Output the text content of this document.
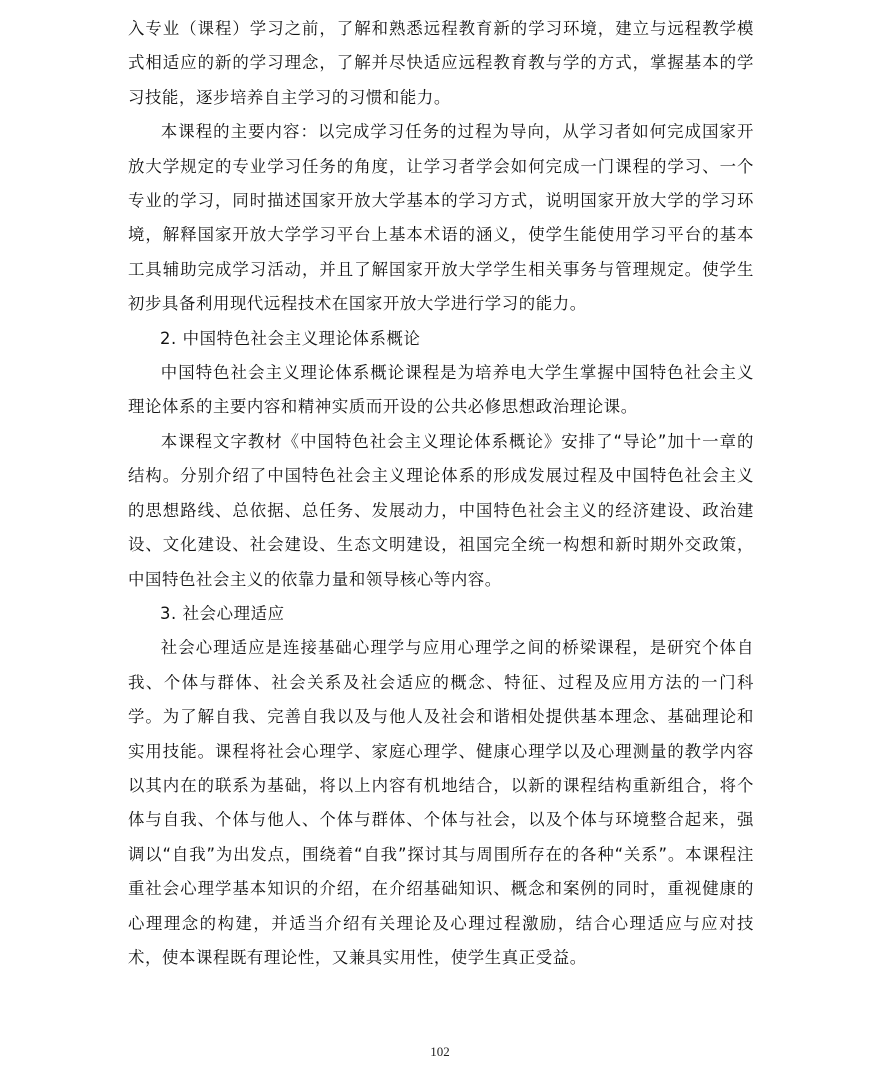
入专业（课程）学习之前，了解和熟悉远程教育新的学习环境，建立与远程教学模式相适应的新的学习理念，了解并尽快适应远程教育教与学的方式，掌握基本的学习技能，逐步培养自主学习的习惯和能力。

本课程的主要内容：以完成学习任务的过程为导向，从学习者如何完成国家开放大学规定的专业学习任务的角度，让学习者学会如何完成一门课程的学习、一个专业的学习，同时描述国家开放大学基本的学习方式，说明国家开放大学的学习环境，解释国家开放大学学习平台上基本术语的涵义，使学生能使用学习平台的基本工具辅助完成学习活动，并且了解国家开放大学学生相关事务与管理规定。使学生初步具备利用现代远程技术在国家开放大学进行学习的能力。

2. 中国特色社会主义理论体系概论

中国特色社会主义理论体系概论课程是为培养电大学生掌握中国特色社会主义理论体系的主要内容和精神实质而开设的公共必修思想政治理论课。

本课程文字教材《中国特色社会主义理论体系概论》安排了“导论”加十一章的结构。分别介绍了中国特色社会主义理论体系的形成发展过程及中国特色社会主义的思想路线、总依据、总任务、发展动力，中国特色社会主义的经济建设、政治建设、文化建设、社会建设、生态文明建设，祖国完全统一构想和新时期外交政策，中国特色社会主义的依靠力量和领导核心等内容。

3. 社会心理适应

社会心理适应是连接基础心理学与应用心理学之间的桥梁课程，是研究个体自我、个体与群体、社会关系及社会适应的概念、特征、过程及应用方法的一门科学。为了解自我、完善自我以及与他人及社会和谐相处提供基本理念、基础理论和实用技能。课程将社会心理学、家庭心理学、健康心理学以及心理测量的教学内容以其内在的联系为基础，将以上内容有机地结合，以新的课程结构重新组合，将个体与自我、个体与他人、个体与群体、个体与社会，以及个体与环境整合起来，强调以“自我”为出发点，围绕着“自我”探讨其与周围所存在的各种“关系”。本课程注重社会心理学基本知识的介绍，在介绍基础知识、概念和案例的同时，重视健康的心理理念的构建，并适当介绍有关理论及心理过程激励，结合心理适应与应对技术，使本课程既有理论性，又兼具实用性，使学生真正受益。

102
